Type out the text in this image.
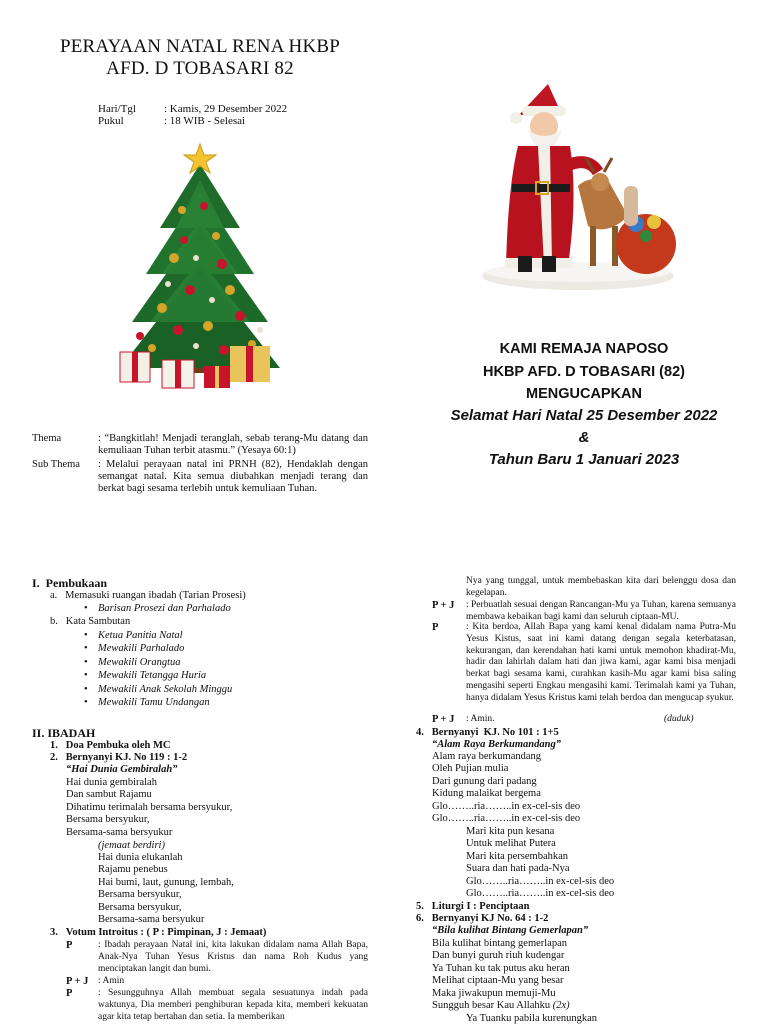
PERAYAAN NATAL RENA HKBP
AFD. D TOBASARI 82
Hari/Tgl	: Kamis, 29 Desember 2022
Pukul	: 18 WIB - Selesai
KAMI REMAJA NAPOSO
HKBP AFD. D TOBASARI (82)
MENGUCAPKAN
Selamat Hari Natal 25 Desember 2022
&
Tahun Baru 1 Januari 2023
Thema	: “Bangkitlah! Menjadi teranglah, sebab terang-Mu datang dan kemuliaan Tuhan terbit atasmu.” (Yesaya 60:1)
Sub Thema : Melalui perayaan natal ini PRNH (82), Hendaklah dengan semangat natal. Kita semua diubahkan menjadi terang dan berkat bagi sesama terlebih untuk kemuliaan Tuhan.
I.  Pembukaan
a.   Memasuki ruangan ibadah (Tarian Prosesi)
• Barisan Prosezi dan Parhalado
b.   Kata Sambutan
• Ketua Panitia Natal
• Mewakili Parhalado
• Mewakili Orangtua
• Mewakili Tetangga Huria
• Mewakili Anak Sekolah Minggu
• Mewakili Tamu Undangan
II. IBADAH
1.   Doa Pembuka oleh MC
2.   Bernyanyi KJ. No 119 : 1-2
“Hai Dunia Gembiralah”
Hai dunia gembiralah
Dan sambut Rajamu
Dihatimu terimalah bersama bersyukur,
Bersama bersyukur,
Bersama-sama bersyukur
(jemaat berdiri)
Hai dunia elukanlah
Rajamu penebus
Hai bumi, laut, gunung, lembah,
Bersama bersyukur,
Bersama bersyukur,
Bersama-sama bersyukur
3.   Votum Introitus : ( P : Pimpinan, J : Jemaat)
P	: Ibadah perayaan Natal ini, kita lakukan didalam nama Allah Bapa, Anak-Nya Tuhan Yesus Kristus dan nama Roh Kudus yang menciptakan langit dan bumi.
P + J : Amin
P	: Sesungguhnya Allah membuat segala sesuatunya indah pada waktunya, Dia memberi penghiburan kepada kita, memberi kekuatan agar kita tetap bertahan dan setia. Ia memberikan
Nya yang tunggal, untuk membebaskan kita dari belenggu dosa dan kegelapan.
P + J : Perbuatlah sesuai dengan Rancangan-Mu ya Tuhan, karena semuanya membawa kebaikan bagi kami dan seluruh ciptaan-MU.
P	: Kita berdoa, Allah Bapa yang kami kenal didalam nama Putra-Mu Yesus Kistus, saat ini kami datang dengan segala keterbatasan, kekurangan, dan kerendahan hati kami untuk memohon khadirat-Mu, hadir dan lahirlah dalam hati dan jiwa kami, agar kami bisa menjadi berkat bagi sesama kami, curahkan kasih-Mu agar kami bisa saling mengasihi seperti Engkau mengasihi kami. Terimalah kami ya Tuhan, hanya didalam Yesus Kristus kami telah berdoa dan mengucap syukur.
P + J : Amin.	(duduk)
4.   Bernyanyi  KJ. No 101 : 1+5
“Alam Raya Berkumandang”
Alam raya berkumandang
Oleh Pujian mulia
Dari gunung dari padang
Kidung malaikat bergema
Glo……..ria……..in ex-cel-sis deo
Glo……..ria……..in ex-cel-sis deo
Mari kita pun kesana
Untuk melihat Putera
Mari kita persembahkan
Suara dan hati pada-Nya
Glo……..ria……..in ex-cel-sis deo
Glo……..ria……..in ex-cel-sis deo
5.   Liturgi I : Penciptaan
6.   Bernyanyi KJ No. 64 : 1-2
“Bila kulihat Bintang Gemerlapan”
Bila kulihat bintang gemerlapan
Dan bunyi guruh riuh kudengar
Ya Tuhan ku tak putus aku heran
Melihat ciptaan-Mu yang besar
Maka jiwakupun memuji-Mu
Sungguh besar Kau Allahku (2x)
Ya Tuanku pabila kurenungkan
